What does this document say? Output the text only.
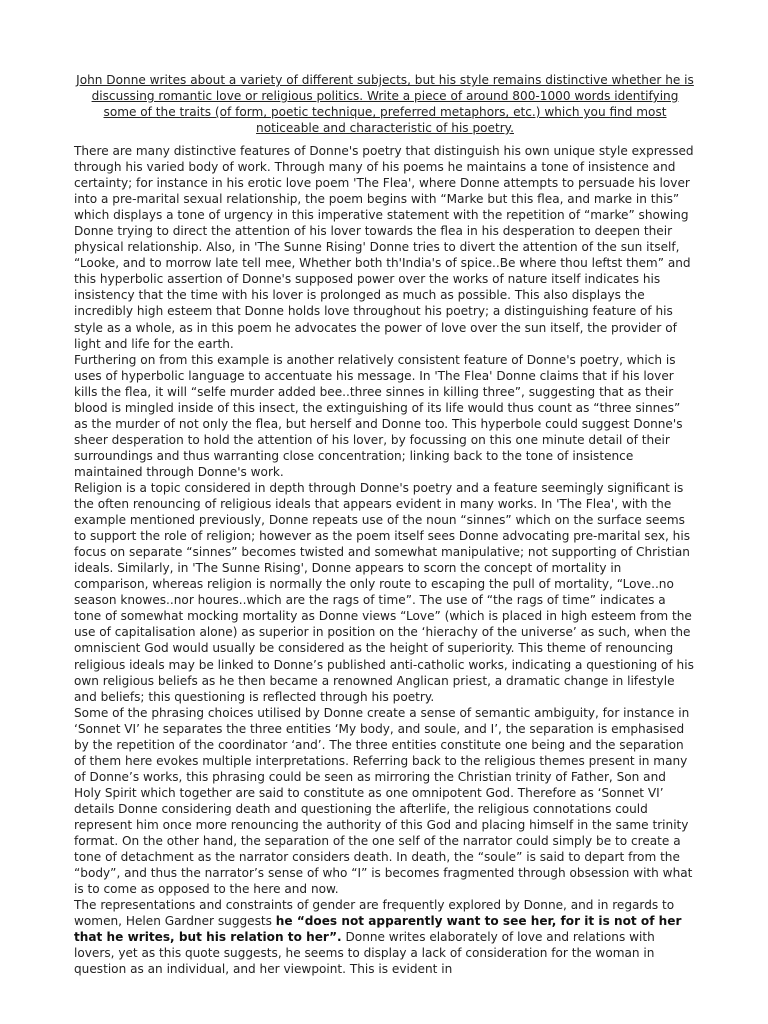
John Donne writes about a variety of different subjects, but his style remains distinctive whether he is discussing romantic love or religious politics. Write a piece of around 800-1000 words identifying some of the traits (of form, poetic technique, preferred metaphors, etc.) which you find most noticeable and characteristic of his poetry.

There are many distinctive features of Donne's poetry that distinguish his own unique style expressed through his varied body of work. Through many of his poems he maintains a tone of insistence and certainty; for instance in his erotic love poem 'The Flea', where Donne attempts to persuade his lover into a pre-marital sexual relationship, the poem begins with “Marke but this flea, and marke in this” which displays a tone of urgency in this imperative statement with the repetition of “marke” showing Donne trying to direct the attention of his lover towards the flea in his desperation to deepen their physical relationship. Also, in 'The Sunne Rising' Donne tries to divert the attention of the sun itself, “Looke, and to morrow late tell mee, Whether both th'India's of spice..Be where thou leftst them” and this hyperbolic assertion of Donne's supposed power over the works of nature itself indicates his insistency that the time with his lover is prolonged as much as possible. This also displays the incredibly high esteem that Donne holds love throughout his poetry; a distinguishing feature of his style as a whole, as in this poem he advocates the power of love over the sun itself, the provider of light and life for the earth.

Furthering on from this example is another relatively consistent feature of Donne's poetry, which is uses of hyperbolic language to accentuate his message. In 'The Flea' Donne claims that if his lover kills the flea, it will “selfe murder added bee..three sinnes in killing three”, suggesting that as their blood is mingled inside of this insect, the extinguishing of its life would thus count as “three sinnes” as the murder of not only the flea, but herself and Donne too. This hyperbole could suggest Donne's sheer desperation to hold the attention of his lover, by focussing on this one minute detail of their surroundings and thus warranting close concentration; linking back to the tone of insistence maintained through Donne's work.

Religion is a topic considered in depth through Donne's poetry and a feature seemingly significant is the often renouncing of religious ideals that appears evident in many works. In 'The Flea', with the example mentioned previously, Donne repeats use of the noun “sinnes” which on the surface seems to support the role of religion; however as the poem itself sees Donne advocating pre-marital sex, his focus on separate “sinnes” becomes twisted and somewhat manipulative; not supporting of Christian ideals. Similarly, in 'The Sunne Rising', Donne appears to scorn the concept of mortality in comparison, whereas religion is normally the only route to escaping the pull of mortality, “Love..no season knowes..nor houres..which are the rags of time”. The use of “the rags of time” indicates a tone of somewhat mocking mortality as Donne views “Love” (which is placed in high esteem from the use of capitalisation alone) as superior in position on the ‘hierachy of the universe’ as such, when the omniscient God would usually be considered as the height of superiority. This theme of renouncing religious ideals may be linked to Donne’s published anti-catholic works, indicating a questioning of his own religious beliefs as he then became a renowned Anglican priest, a dramatic change in lifestyle and beliefs; this questioning is reflected through his poetry.

Some of the phrasing choices utilised by Donne create a sense of semantic ambiguity, for instance in ‘Sonnet VI’ he separates the three entities ‘My body, and soule, and I’, the separation is emphasised by the repetition of the coordinator ‘and’. The three entities constitute one being and the separation of them here evokes multiple interpretations. Referring back to the religious themes present in many of Donne’s works, this phrasing could be seen as mirroring the Christian trinity of Father, Son and Holy Spirit which together are said to constitute as one omnipotent God. Therefore as ‘Sonnet VI’ details Donne considering death and questioning the afterlife, the religious connotations could represent him once more renouncing the authority of this God and placing himself in the same trinity format. On the other hand, the separation of the one self of the narrator could simply be to create a tone of detachment as the narrator considers death. In death, the “soule” is said to depart from the “body”, and thus the narrator’s sense of who “I” is becomes fragmented through obsession with what is to come as opposed to the here and now.

The representations and constraints of gender are frequently explored by Donne, and in regards to women, Helen Gardner suggests he “does not apparently want to see her, for it is not of her that he writes, but his relation to her”. Donne writes elaborately of love and relations with lovers, yet as this quote suggests, he seems to display a lack of consideration for the woman in question as an individual, and her viewpoint. This is evident in
